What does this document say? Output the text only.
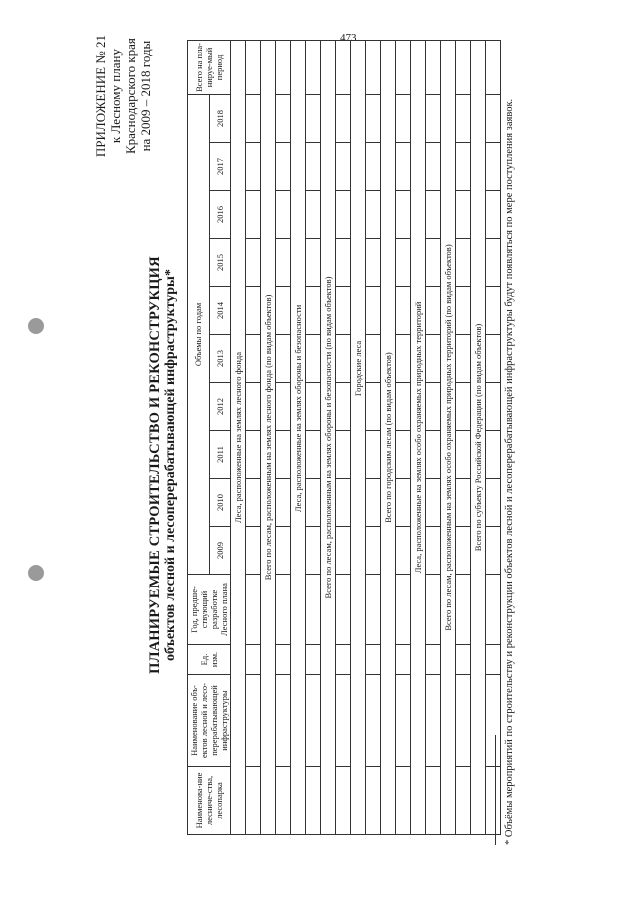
473
ПРИЛОЖЕНИЕ № 21 к Лесному плану Краснодарского края на 2009 – 2018 годы
ПЛАНИРУЕМЫЕ СТРОИТЕЛЬСТВО И РЕКОНСТРУКЦИЯ объектов лесной и лесоперерабатывающей инфраструктуры*
Наименова-ние лесниче-ства, лесопарка	Наименование объ-ектов лесной и лесо-перерабатывающей инфраструктуры	Ед. изм.	Год, предше-ствующий разработке Лесного плана	Объемы по годам										Всего на пла-нируе-мый период
				2009	2010	2011	2012	2013	2014	2015	2016	2017	2018	
Леса, расположенные на землях лесного фонда														

Всего по лесам, расположенным на землях лесного фонда (по видам объектов)														

Леса, расположенные на землях обороны и безопасности														

Всего по лесам, расположенным на землях обороны и безопасности (по видам объектов)														

Городские леса														

Всего по городским лесам (по видам объектов)														

Леса, расположенные на землях особо охраняемых природных территорий														

Всего по лесам, расположенным на землях особо охраняемых природных территорий (по видам объектов)														

Всего по субъекту Российской Федерации (по видам объектов)														
														* Объёмы мероприятий по строительству и реконструкции объектов лесной и лесоперерабатывающей инфраструктуры будут появляться по мере поступления заявок.
